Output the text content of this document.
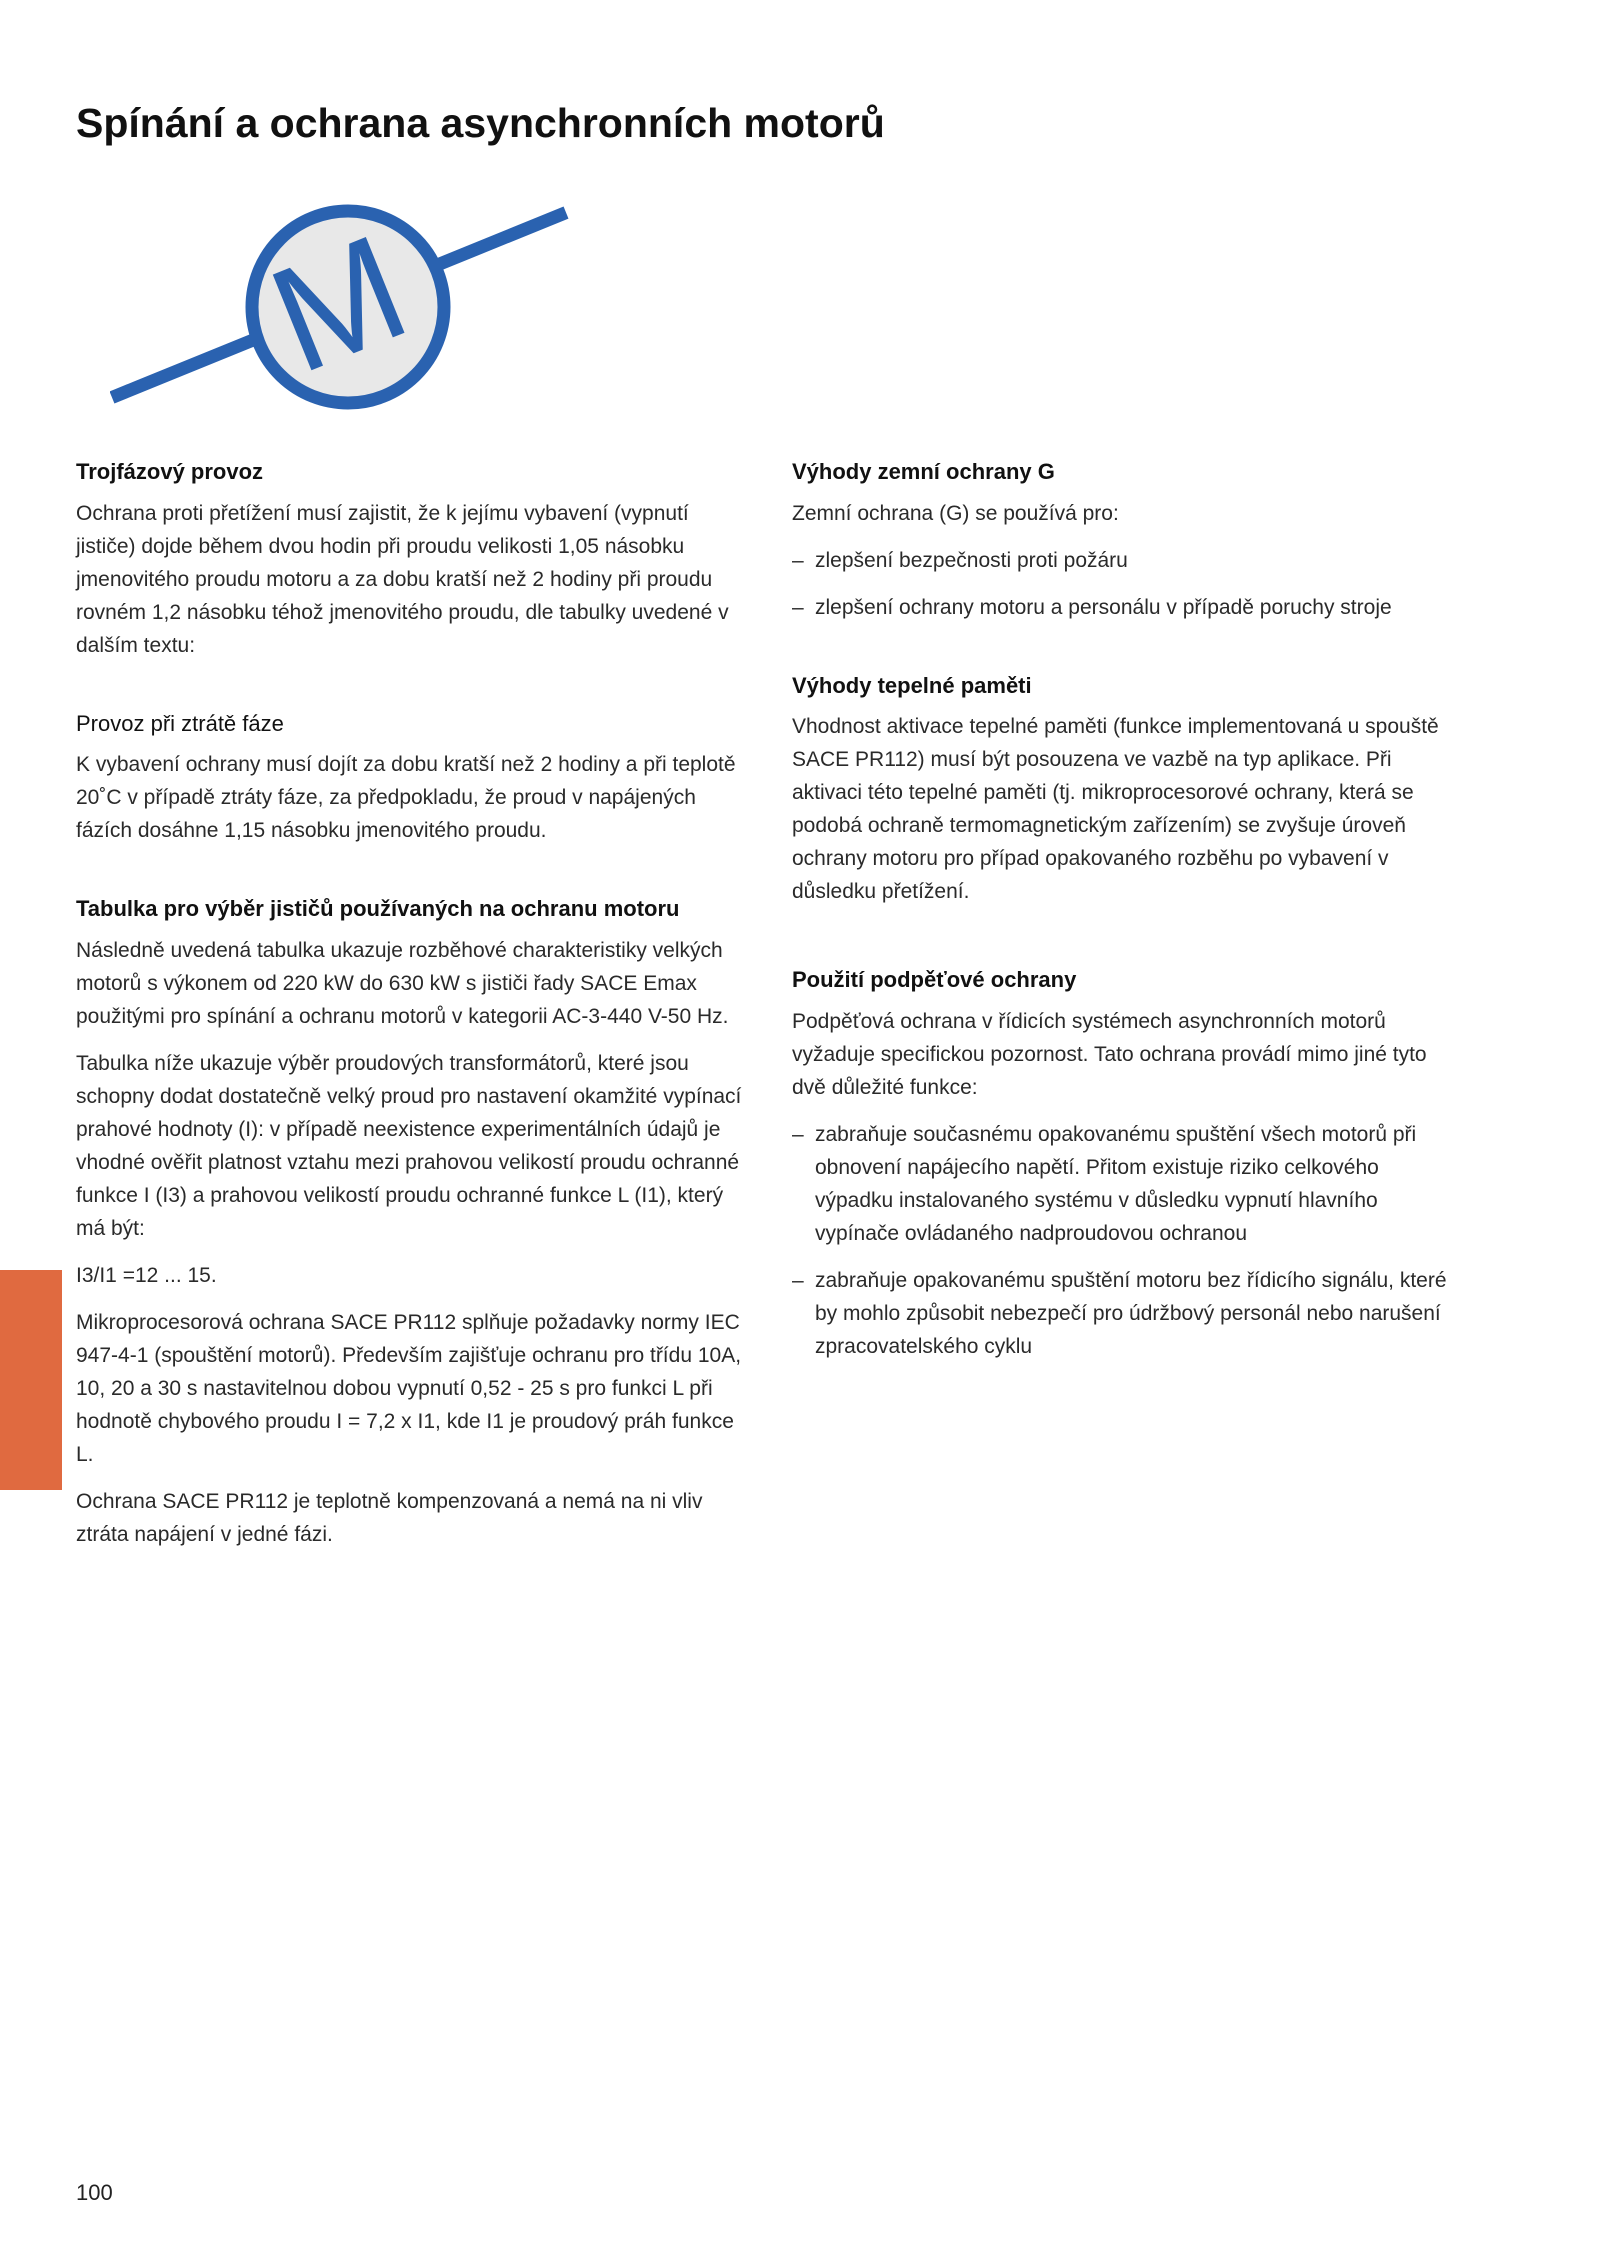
Spínání a ochrana asynchronních motorů
M
Trojfázový provoz

Ochrana proti přetížení musí zajistit, že k jejímu vybavení (vypnutí jističe) dojde během dvou hodin při proudu velikosti 1,05 násobku jmenovitého proudu motoru a za dobu kratší než 2 hodiny při proudu rovném 1,2 násobku téhož jmenovitého proudu, dle tabulky uvedené v dalším textu:

Provoz při ztrátě fáze

K vybavení ochrany musí dojít za dobu kratší než 2 hodiny a při teplotě 20˚C v případě ztráty fáze, za předpokladu, že proud v napájených fázích dosáhne 1,15 násobku jmenovitého proudu.

Tabulka pro výběr jističů používaných na ochranu motoru

Následně uvedená tabulka ukazuje rozběhové charakteristiky velkých motorů s výkonem od 220 kW do 630 kW s jističi řady SACE Emax použitými pro spínání a ochranu motorů v kategorii AC-3-440 V-50 Hz.

Tabulka níže ukazuje výběr proudových transformátorů, které jsou schopny dodat dostatečně velký proud pro nastavení okamžité vypínací prahové hodnoty (I): v případě neexistence experimentálních údajů je vhodné ověřit platnost vztahu mezi prahovou velikostí proudu ochranné funkce I (I3) a prahovou velikostí proudu ochranné funkce L (I1), který má být:

I3/I1 =12 ... 15.

Mikroprocesorová ochrana SACE PR112 splňuje požadavky normy IEC 947-4-1 (spouštění motorů). Především zajišťuje ochranu pro třídu 10A, 10, 20 a 30 s nastavitelnou dobou vypnutí 0,52 - 25 s pro funkci L při hodnotě chybového proudu I = 7,2 x I1, kde I1 je proudový práh funkce L.

Ochrana SACE PR112 je teplotně kompenzovaná a nemá na ni vliv ztráta napájení v jedné fázi.

Výhody zemní ochrany G

Zemní ochrana (G) se používá pro:

– zlepšení bezpečnosti proti požáru
– zlepšení ochrany motoru a personálu v případě poruchy stroje
Výhody tepelné paměti

Vhodnost aktivace tepelné paměti (funkce implementovaná u spouště SACE PR112) musí být posouzena ve vazbě na typ aplikace. Při aktivaci této tepelné paměti (tj. mikroprocesorové ochrany, která se podobá ochraně termomagnetickým zařízením) se zvyšuje úroveň ochrany motoru pro případ opakovaného rozběhu po vybavení v důsledku přetížení.

Použití podpěťové ochrany

Podpěťová ochrana v řídicích systémech asynchronních motorů vyžaduje specifickou pozornost. Tato ochrana provádí mimo jiné tyto dvě důležité funkce:

– zabraňuje současnému opakovanému spuštění všech motorů při obnovení napájecího napětí. Přitom existuje riziko celkového výpadku instalovaného systému v důsledku vypnutí hlavního vypínače ovládaného nadproudovou ochranou
– zabraňuje opakovanému spuštění motoru bez řídicího signálu, které by mohlo způsobit nebezpečí pro údržbový personál nebo narušení zpracovatelského cyklu
100
